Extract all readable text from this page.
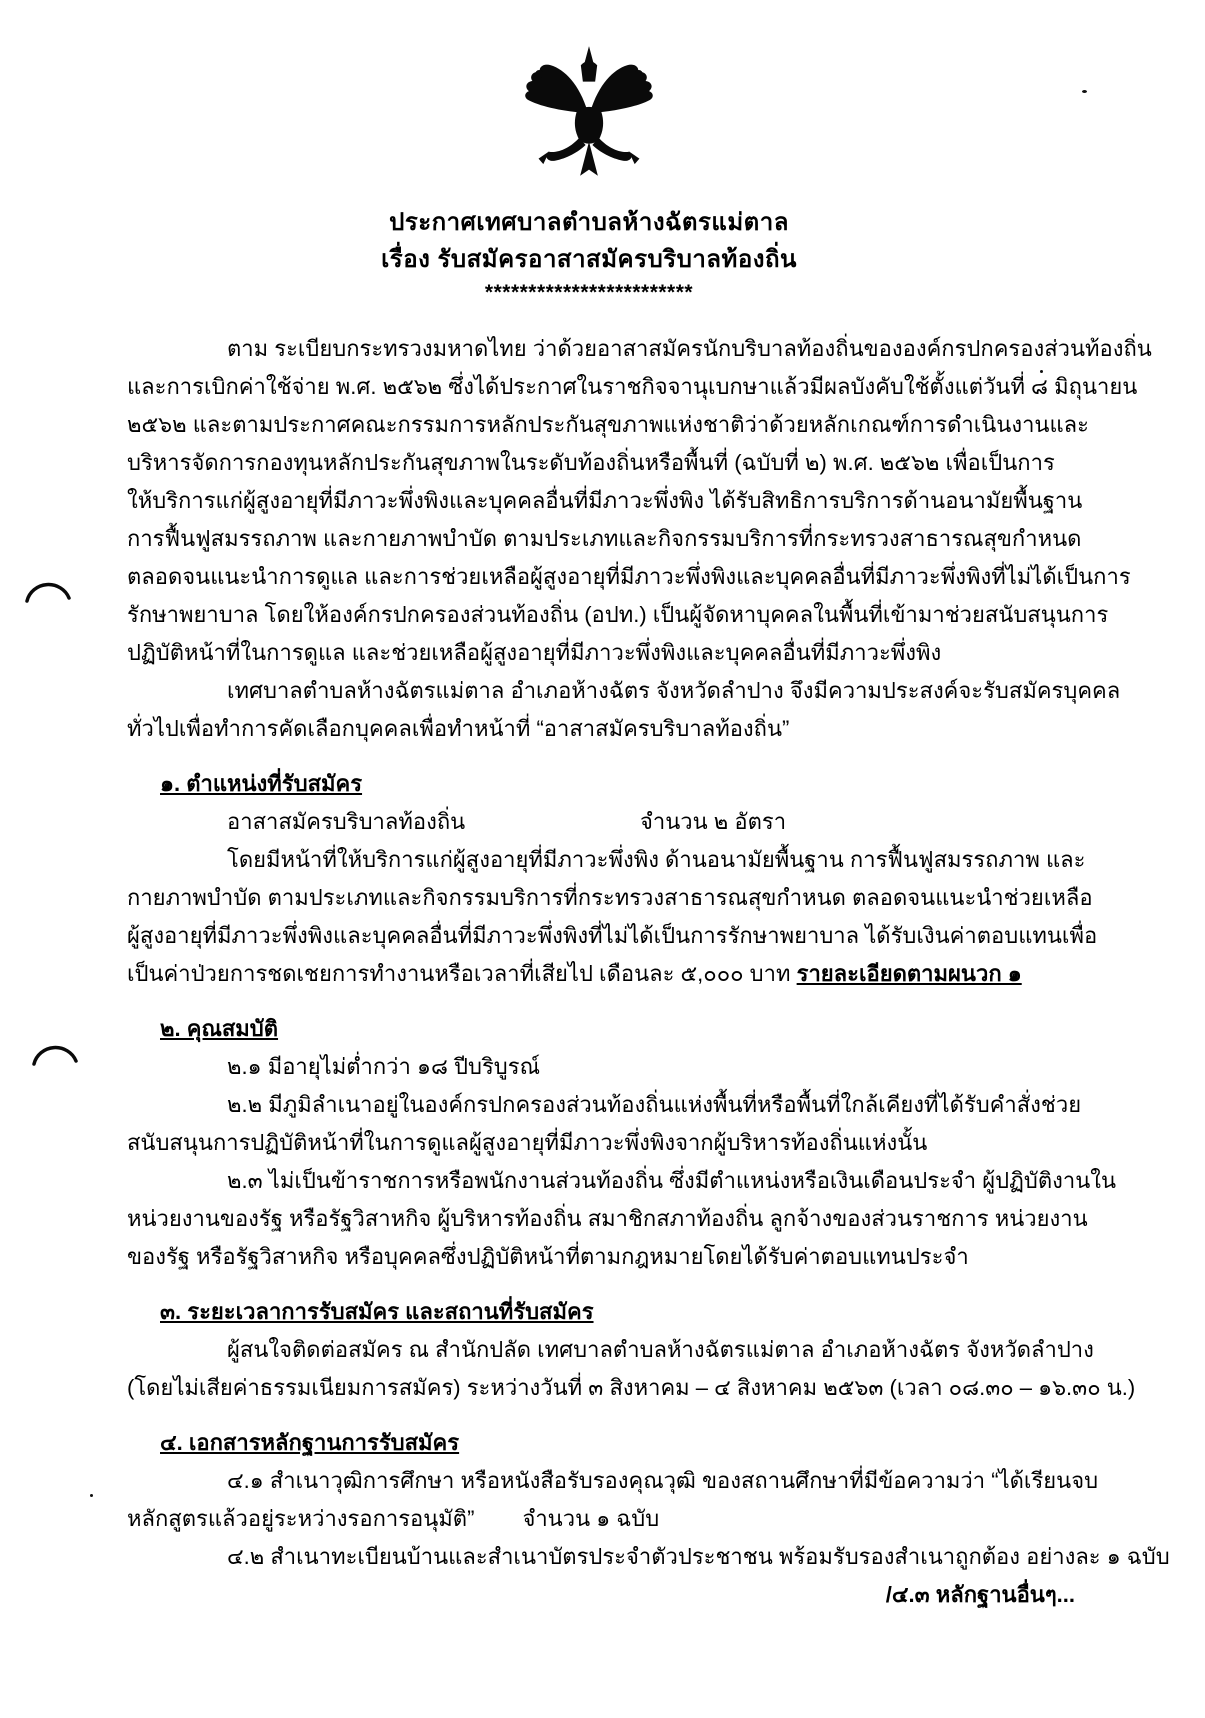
ประกาศเทศบาลตำบลห้างฉัตรแม่ตาล
เรื่อง รับสมัครอาสาสมัครบริบาลท้องถิ่น
************************
ตาม ระเบียบกระทรวงมหาดไทย ว่าด้วยอาสาสมัครนักบริบาลท้องถิ่นขององค์กรปกครองส่วนท้องถิ่น
และการเบิกค่าใช้จ่าย พ.ศ. ๒๕๖๒ ซึ่งได้ประกาศในราชกิจจานุเบกษาแล้วมีผลบังคับใช้ตั้งแต่วันที่ ๘ มิถุนายน
๒๕๖๒ และตามประกาศคณะกรรมการหลักประกันสุขภาพแห่งชาติว่าด้วยหลักเกณฑ์การดำเนินงานและ
บริหารจัดการกองทุนหลักประกันสุขภาพในระดับท้องถิ่นหรือพื้นที่ (ฉบับที่ ๒) พ.ศ. ๒๕๖๒ เพื่อเป็นการ
ให้บริการแก่ผู้สูงอายุที่มีภาวะพึ่งพิงและบุคคลอื่นที่มีภาวะพึ่งพิง ได้รับสิทธิการบริการด้านอนามัยพื้นฐาน
การฟื้นฟูสมรรถภาพ และกายภาพบำบัด ตามประเภทและกิจกรรมบริการที่กระทรวงสาธารณสุขกำหนด
ตลอดจนแนะนำการดูแล และการช่วยเหลือผู้สูงอายุที่มีภาวะพึ่งพิงและบุคคลอื่นที่มีภาวะพึ่งพิงที่ไม่ได้เป็นการ
รักษาพยาบาล โดยให้องค์กรปกครองส่วนท้องถิ่น (อปท.) เป็นผู้จัดหาบุคคลในพื้นที่เข้ามาช่วยสนับสนุนการ
ปฏิบัติหน้าที่ในการดูแล และช่วยเหลือผู้สูงอายุที่มีภาวะพึ่งพิงและบุคคลอื่นที่มีภาวะพึ่งพิง
เทศบาลตำบลห้างฉัตรแม่ตาล อำเภอห้างฉัตร จังหวัดลำปาง จึงมีความประสงค์จะรับสมัครบุคคล
ทั่วไปเพื่อทำการคัดเลือกบุคคลเพื่อทำหน้าที่ “อาสาสมัครบริบาลท้องถิ่น”
๑. ตำแหน่งที่รับสมัคร
อาสาสมัครบริบาลท้องถิ่น	จำนวน ๒ อัตรา
โดยมีหน้าที่ให้บริการแก่ผู้สูงอายุที่มีภาวะพึ่งพิง ด้านอนามัยพื้นฐาน การฟื้นฟูสมรรถภาพ และ
กายภาพบำบัด ตามประเภทและกิจกรรมบริการที่กระทรวงสาธารณสุขกำหนด ตลอดจนแนะนำช่วยเหลือ
ผู้สูงอายุที่มีภาวะพึ่งพิงและบุคคลอื่นที่มีภาวะพึ่งพิงที่ไม่ได้เป็นการรักษาพยาบาล ได้รับเงินค่าตอบแทนเพื่อ
เป็นค่าป่วยการชดเชยการทำงานหรือเวลาที่เสียไป เดือนละ ๕,๐๐๐ บาท รายละเอียดตามผนวก ๑
๒. คุณสมบัติ
๒.๑ มีอายุไม่ต่ำกว่า ๑๘ ปีบริบูรณ์
๒.๒ มีภูมิลำเนาอยู่ในองค์กรปกครองส่วนท้องถิ่นแห่งพื้นที่หรือพื้นที่ใกล้เคียงที่ได้รับคำสั่งช่วย
สนับสนุนการปฏิบัติหน้าที่ในการดูแลผู้สูงอายุที่มีภาวะพึ่งพิงจากผู้บริหารท้องถิ่นแห่งนั้น
๒.๓ ไม่เป็นข้าราชการหรือพนักงานส่วนท้องถิ่น ซึ่งมีตำแหน่งหรือเงินเดือนประจำ ผู้ปฏิบัติงานใน
หน่วยงานของรัฐ หรือรัฐวิสาหกิจ ผู้บริหารท้องถิ่น สมาชิกสภาท้องถิ่น ลูกจ้างของส่วนราชการ หน่วยงาน
ของรัฐ หรือรัฐวิสาหกิจ หรือบุคคลซึ่งปฏิบัติหน้าที่ตามกฎหมายโดยได้รับค่าตอบแทนประจำ
๓. ระยะเวลาการรับสมัคร และสถานที่รับสมัคร
ผู้สนใจติดต่อสมัคร ณ สำนักปลัด เทศบาลตำบลห้างฉัตรแม่ตาล อำเภอห้างฉัตร จังหวัดลำปาง
(โดยไม่เสียค่าธรรมเนียมการสมัคร) ระหว่างวันที่ ๓ สิงหาคม – ๔ สิงหาคม ๒๕๖๓ (เวลา ๐๘.๓๐ – ๑๖.๓๐ น.)
๔. เอกสารหลักฐานการรับสมัคร
๔.๑ สำเนาวุฒิการศึกษา หรือหนังสือรับรองคุณวุฒิ ของสถานศึกษาที่มีข้อความว่า “ได้เรียนจบ
หลักสูตรแล้วอยู่ระหว่างรอการอนุมัติ” จำนวน ๑ ฉบับ
๔.๒ สำเนาทะเบียนบ้านและสำเนาบัตรประจำตัวประชาชน พร้อมรับรองสำเนาถูกต้อง อย่างละ ๑ ฉบับ
/๔.๓ หลักฐานอื่นๆ...
